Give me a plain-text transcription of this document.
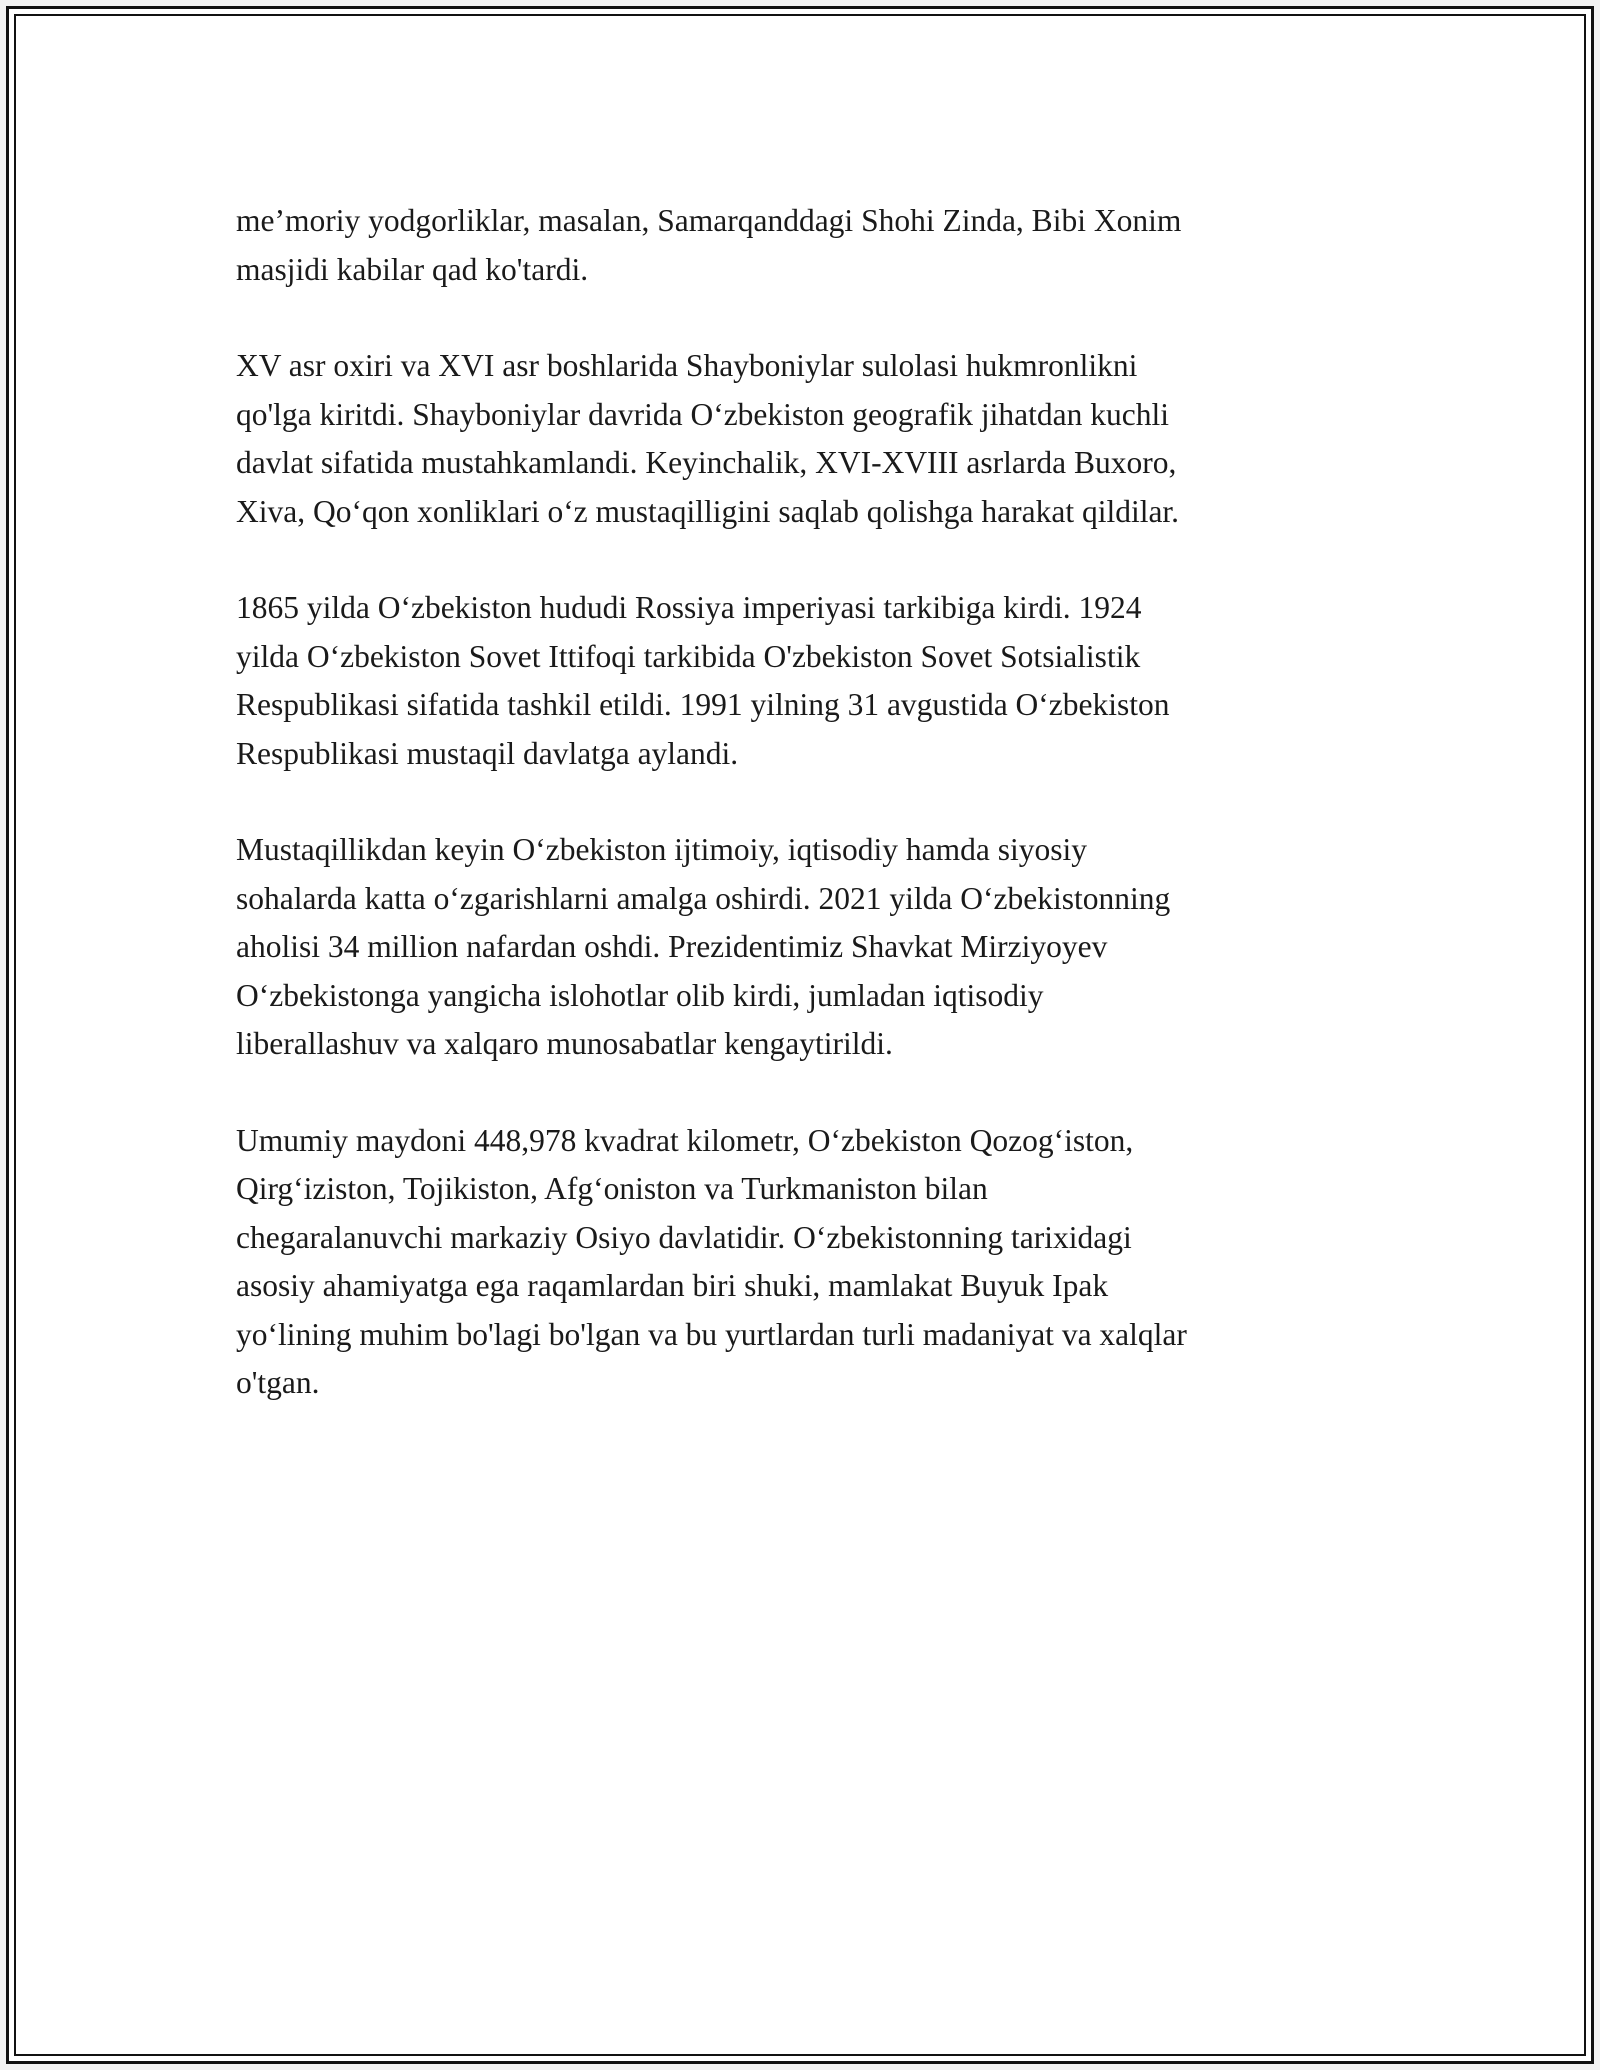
me’moriy yodgorliklar, masalan, Samarqanddagi Shohi Zinda, Bibi Xonim
masjidi kabilar qad ko'tardi.

XV asr oxiri va XVI asr boshlarida Shayboniylar sulolasi hukmronlikni
qo'lga kiritdi. Shayboniylar davrida O‘zbekiston geografik jihatdan kuchli
davlat sifatida mustahkamlandi. Keyinchalik, XVI-XVIII asrlarda Buxoro,
Xiva, Qo‘qon xonliklari o‘z mustaqilligini saqlab qolishga harakat qildilar.

1865 yilda O‘zbekiston hududi Rossiya imperiyasi tarkibiga kirdi. 1924
yilda O‘zbekiston Sovet Ittifoqi tarkibida O'zbekiston Sovet Sotsialistik
Respublikasi sifatida tashkil etildi. 1991 yilning 31 avgustida O‘zbekiston
Respublikasi mustaqil davlatga aylandi.

Mustaqillikdan keyin O‘zbekiston ijtimoiy, iqtisodiy hamda siyosiy
sohalarda katta o‘zgarishlarni amalga oshirdi. 2021 yilda O‘zbekistonning
aholisi 34 million nafardan oshdi. Prezidentimiz Shavkat Mirziyoyev
O‘zbekistonga yangicha islohotlar olib kirdi, jumladan iqtisodiy
liberallashuv va xalqaro munosabatlar kengaytirildi.

Umumiy maydoni 448,978 kvadrat kilometr, O‘zbekiston Qozog‘iston,
Qirg‘iziston, Tojikiston, Afg‘oniston va Turkmaniston bilan
chegaralanuvchi markaziy Osiyo davlatidir. O‘zbekistonning tarixidagi
asosiy ahamiyatga ega raqamlardan biri shuki, mamlakat Buyuk Ipak
yo‘lining muhim bo'lagi bo'lgan va bu yurtlardan turli madaniyat va xalqlar
o'tgan.
